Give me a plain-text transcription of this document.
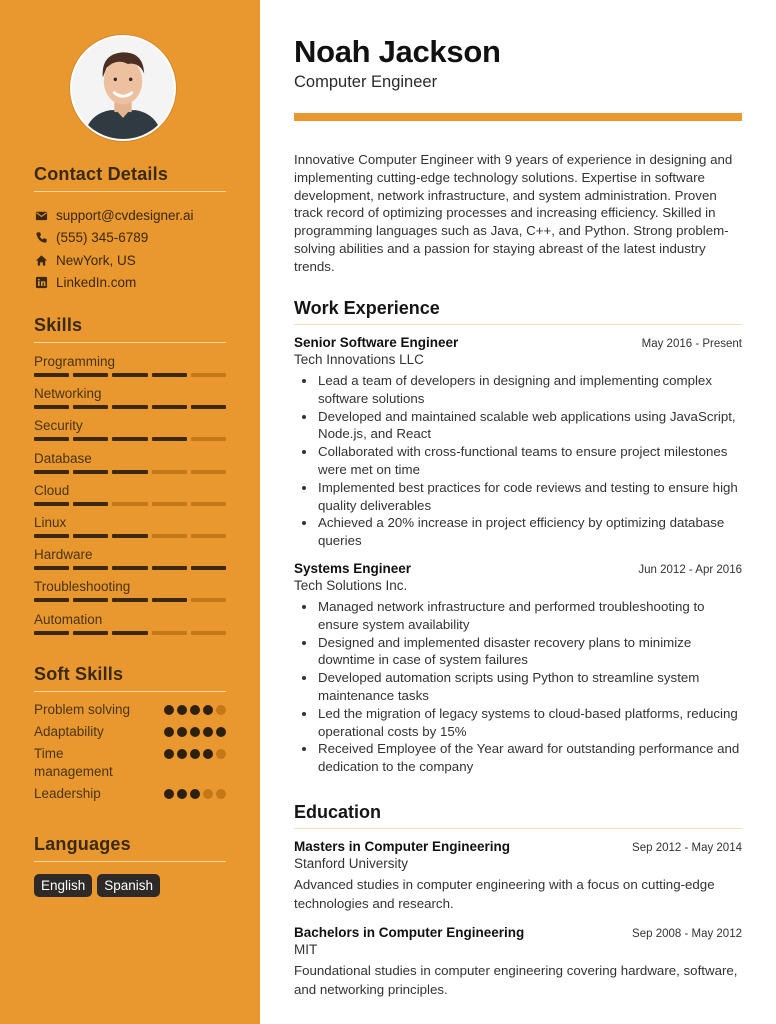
Contact Details
support@cvdesigner.ai
(555) 345-6789
NewYork, US
LinkedIn.com
Skills
Programming
Networking
Security
Database
Cloud
Linux
Hardware
Troubleshooting
Automation
Soft Skills
Problem solving
Adaptability
Time management
Leadership
Languages
English	Spanish
Noah Jackson
Computer Engineer

Innovative Computer Engineer with 9 years of experience in designing and implementing cutting-edge technology solutions. Expertise in software development, network infrastructure, and system administration. Proven track record of optimizing processes and increasing efficiency. Skilled in programming languages such as Java, C++, and Python. Strong problem-solving abilities and a passion for staying abreast of the latest industry trends.

Work Experience
Senior Software Engineer	May 2016 - Present
Tech Innovations LLC
Lead a team of developers in designing and implementing complex software solutions
Developed and maintained scalable web applications using JavaScript, Node.js, and React
Collaborated with cross-functional teams to ensure project milestones were met on time
Implemented best practices for code reviews and testing to ensure high quality deliverables
Achieved a 20% increase in project efficiency by optimizing database queries
Systems Engineer	Jun 2012 - Apr 2016
Tech Solutions Inc.
Managed network infrastructure and performed troubleshooting to ensure system availability
Designed and implemented disaster recovery plans to minimize downtime in case of system failures
Developed automation scripts using Python to streamline system maintenance tasks
Led the migration of legacy systems to cloud-based platforms, reducing operational costs by 15%
Received Employee of the Year award for outstanding performance and dedication to the company
Education
Masters in Computer Engineering	Sep 2012 - May 2014
Stanford University

Advanced studies in computer engineering with a focus on cutting-edge technologies and research.

Bachelors in Computer Engineering	Sep 2008 - May 2012
MIT

Foundational studies in computer engineering covering hardware, software, and networking principles.
